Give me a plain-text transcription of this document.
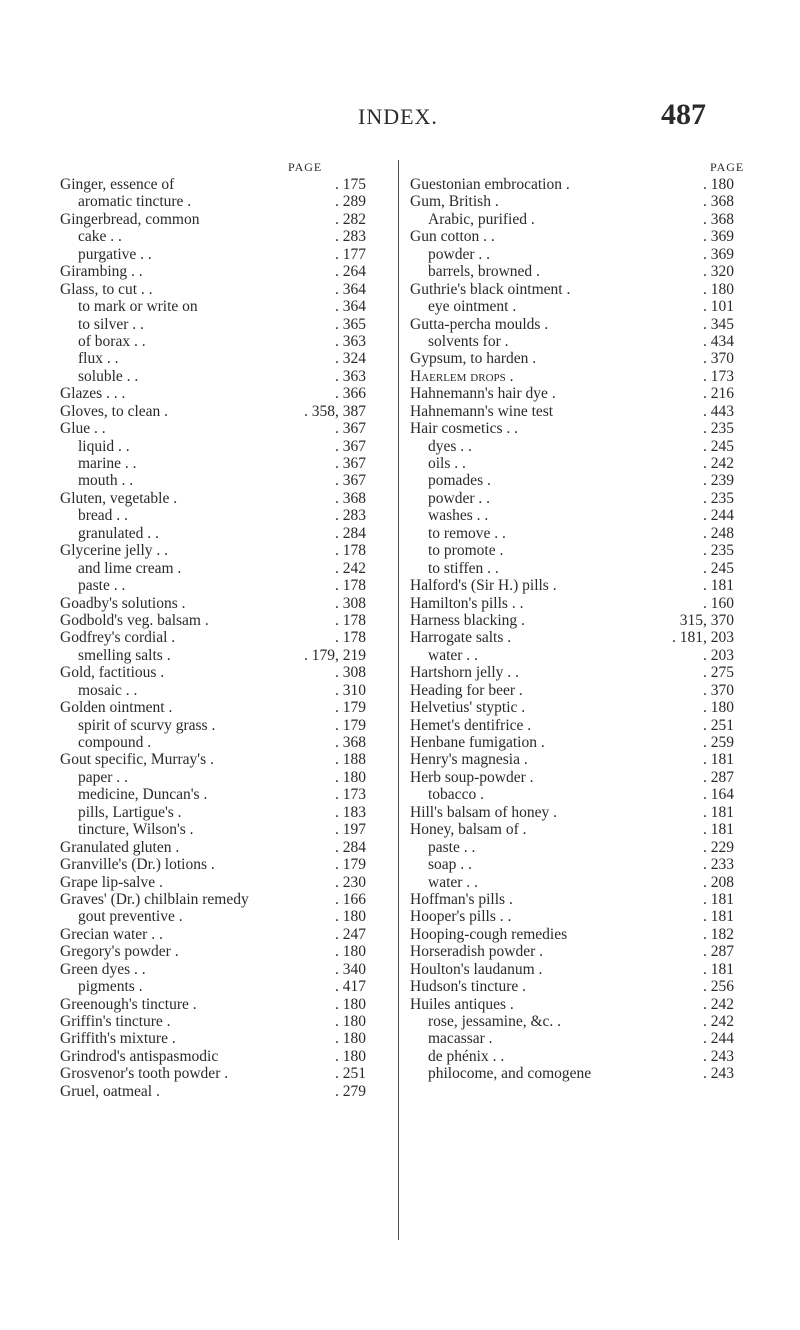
INDEX.	487
PAGE
Ginger, essence of	. 175
aromatic tincture .	. 289
Gingerbread, common	. 282
cake . .	. 283
purgative . .	. 177
Girambing . .	. 264
Glass, to cut . .	. 364
to mark or write on	. 364
to silver . .	. 365
of borax . .	. 363
flux . .	. 324
soluble . .	. 363
Glazes . . .	. 366
Gloves, to clean .	. 358, 387
Glue . .	. 367
liquid . .	. 367
marine . .	. 367
mouth . .	. 367
Gluten, vegetable .	. 368
bread . .	. 283
granulated . .	. 284
Glycerine jelly . .	. 178
and lime cream .	. 242
paste . .	. 178
Goadby's solutions .	. 308
Godbold's veg. balsam .	. 178
Godfrey's cordial .	. 178
smelling salts .	. 179, 219
Gold, factitious .	. 308
mosaic . .	. 310
Golden ointment .	. 179
spirit of scurvy grass .	. 179
compound .	. 368
Gout specific, Murray's .	. 188
paper . .	. 180
medicine, Duncan's .	. 173
pills, Lartigue's .	. 183
tincture, Wilson's .	. 197
Granulated gluten .	. 284
Granville's (Dr.) lotions .	. 179
Grape lip-salve .	. 230
Graves' (Dr.) chilblain remedy	. 166
gout preventive .	. 180
Grecian water . .	. 247
Gregory's powder .	. 180
Green dyes . .	. 340
pigments .	. 417
Greenough's tincture .	. 180
Griffin's tincture .	. 180
Griffith's mixture .	. 180
Grindrod's antispasmodic	. 180
Grosvenor's tooth powder .	. 251
Gruel, oatmeal .	. 279
PAGE
Guestonian embrocation .	. 180
Gum, British .	. 368
Arabic, purified .	. 368
Gun cotton . .	. 369
powder . .	. 369
barrels, browned .	. 320
Guthrie's black ointment .	. 180
eye ointment .	. 101
Gutta-percha moulds .	. 345
solvents for .	. 434
Gypsum, to harden .	. 370
Haerlem drops .	. 173
Hahnemann's hair dye .	. 216
Hahnemann's wine test	. 443
Hair cosmetics . .	. 235
dyes . .	. 245
oils . .	. 242
pomades .	. 239
powder . .	. 235
washes . .	. 244
to remove . .	. 248
to promote .	. 235
to stiffen . .	. 245
Halford's (Sir H.) pills .	. 181
Hamilton's pills . .	. 160
Harness blacking .	315, 370
Harrogate salts .	. 181, 203
water . .	. 203
Hartshorn jelly . .	. 275
Heading for beer .	. 370
Helvetius' styptic .	. 180
Hemet's dentifrice .	. 251
Henbane fumigation .	. 259
Henry's magnesia .	. 181
Herb soup-powder .	. 287
tobacco .	. 164
Hill's balsam of honey .	. 181
Honey, balsam of .	. 181
paste . .	. 229
soap . .	. 233
water . .	. 208
Hoffman's pills .	. 181
Hooper's pills . .	. 181
Hooping-cough remedies	. 182
Horseradish powder .	. 287
Houlton's laudanum .	. 181
Hudson's tincture .	. 256
Huiles antiques .	. 242
rose, jessamine, &c. .	. 242
macassar .	. 244
de phénix . .	. 243
philocome, and comogene	. 243
